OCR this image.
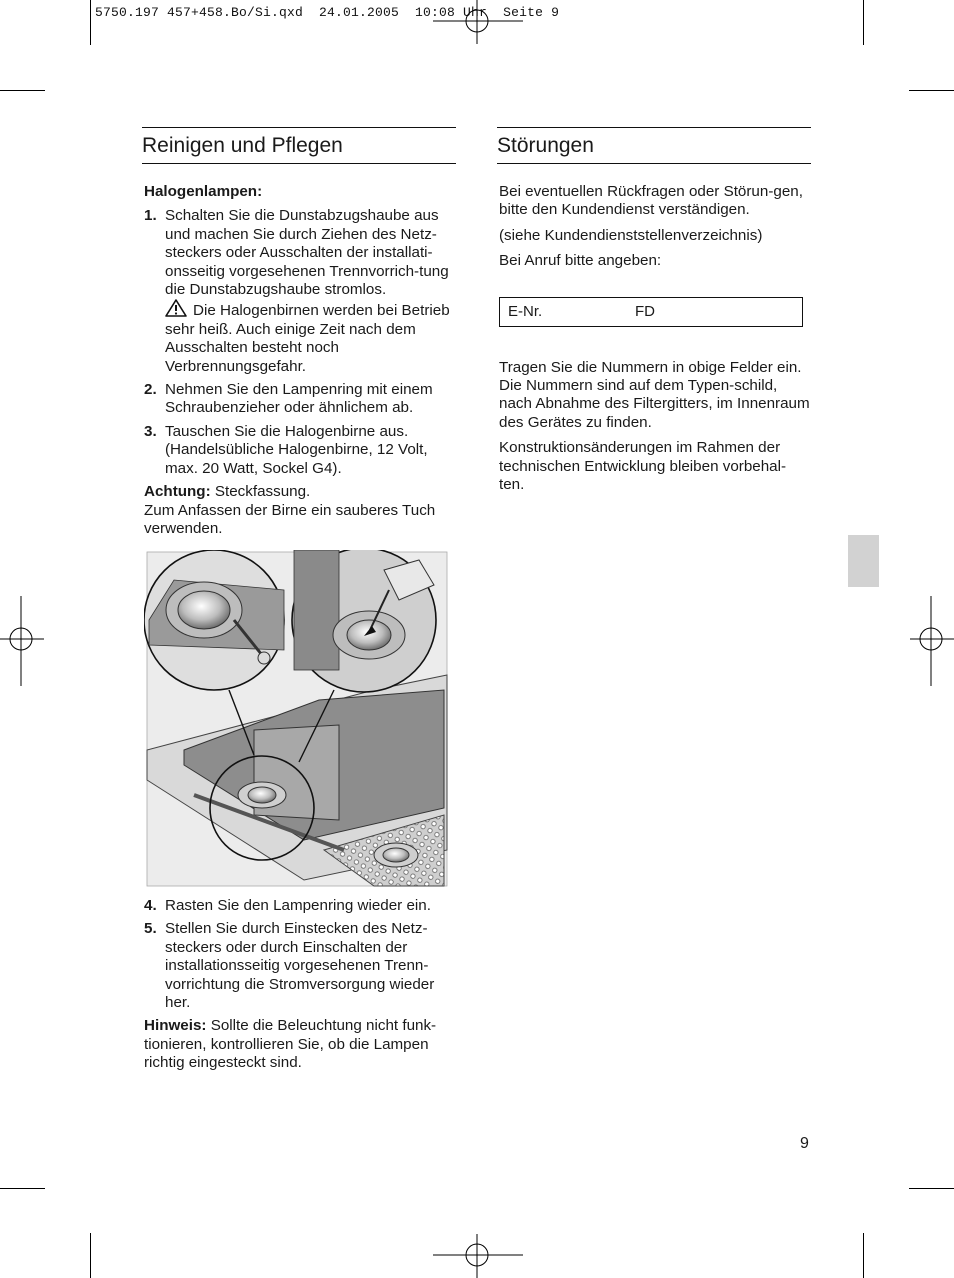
5750.197 457+458.Bo/Si.qxd  24.01.2005  10:08 Uhr  Seite 9
Reinigen und Pflegen
Halogenlampen:
1. Schalten Sie die Dunstabzugshaube aus und machen Sie durch Ziehen des Netz-steckers oder Ausschalten der installati-onsseitig vorgesehenen Trennvorrich-tung die Dunstabzugshaube stromlos.

Die Halogenbirnen werden bei Betrieb sehr heiß. Auch einige Zeit nach dem Ausschalten besteht noch Verbrennungsgefahr.

2. Nehmen Sie den Lampenring mit einem Schraubenzieher oder ähnlichem ab.

3. Tauschen Sie die Halogenbirne aus. (Handelsübliche Halogenbirne, 12 Volt, max. 20 Watt, Sockel G4).

Achtung: Steckfassung.
Zum Anfassen der Birne ein sauberes Tuch verwenden.

4. Rasten Sie den Lampenring wieder ein.

5. Stellen Sie durch Einstecken des Netz-steckers oder durch Einschalten der installationsseitig vorgesehenen Trenn-vorrichtung die Stromversorgung wieder her.

Hinweis: Sollte die Beleuchtung nicht funk-tionieren, kontrollieren Sie, ob die Lampen richtig eingesteckt sind.

Störungen

Bei eventuellen Rückfragen oder Störun-gen, bitte den Kundendienst verständigen.

(siehe Kundendienststellenverzeichnis)

Bei Anruf bitte angeben:

E-Nr.	FD

Tragen Sie die Nummern in obige Felder ein. Die Nummern sind auf dem Typen-schild, nach Abnahme des Filtergitters, im Innenraum des Gerätes zu finden.

Konstruktionsänderungen im Rahmen der technischen Entwicklung bleiben vorbehal-ten.

9
